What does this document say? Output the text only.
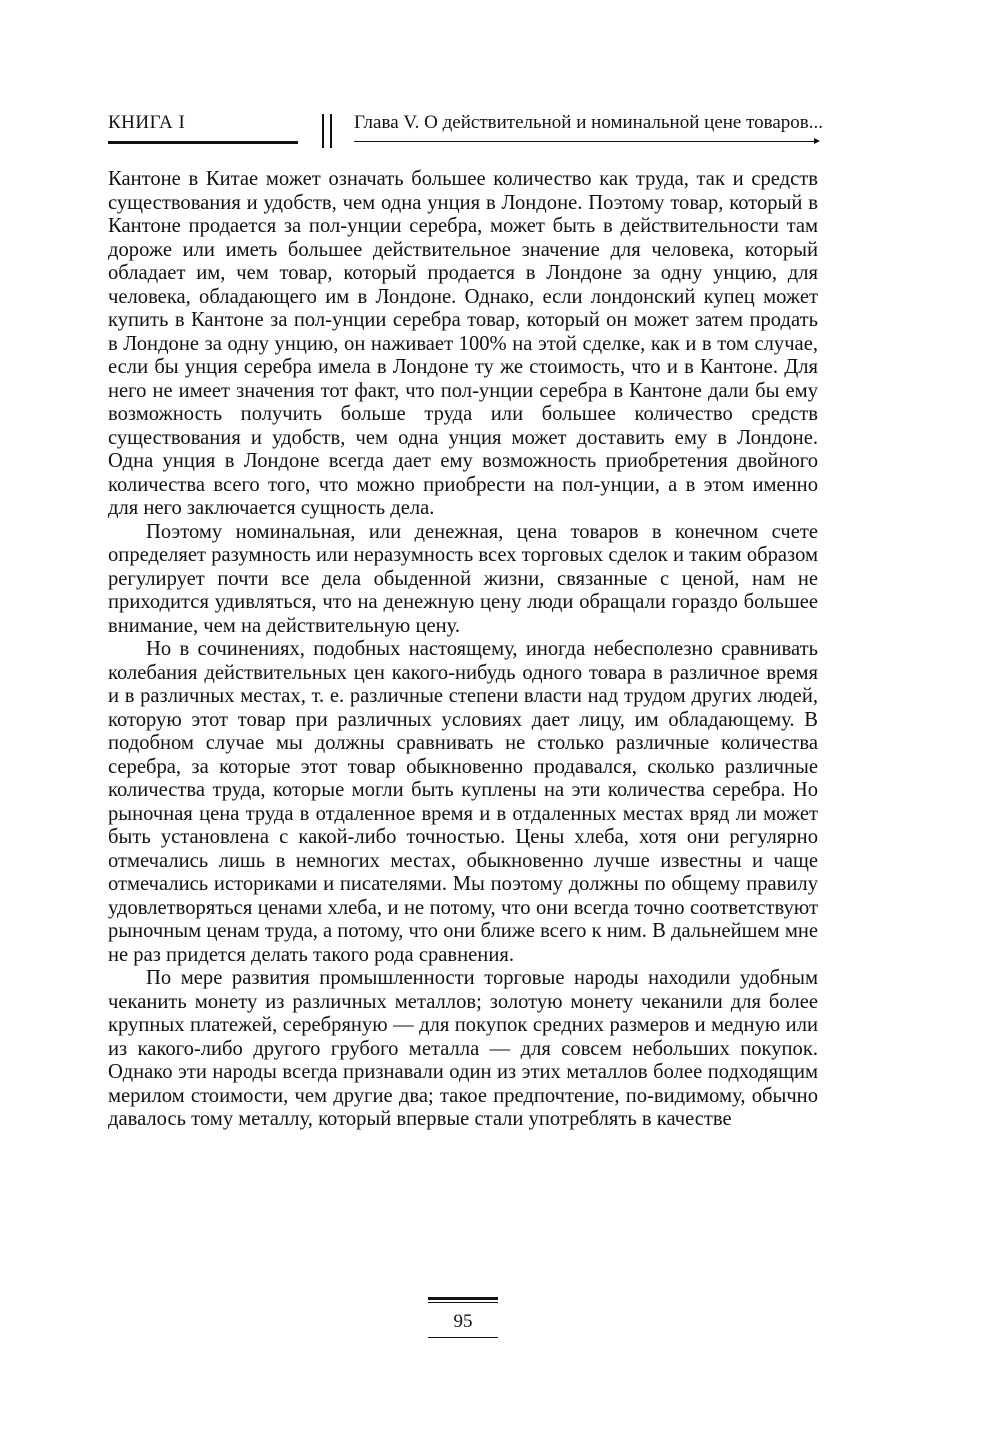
КНИГА I	Глава V. О действительной и номинальной цене товаров...

Кантоне в Китае может означать большее количество как труда, так и средств существования и удобств, чем одна унция в Лондоне. Поэтому товар, который в Кантоне продается за пол-унции серебра, может быть в действительности там дороже или иметь большее действительное значение для человека, который обладает им, чем товар, который продается в Лондоне за одну унцию, для человека, обладающего им в Лондоне. Однако, если лондонский купец может купить в Кантоне за пол-унции серебра товар, который он может затем продать в Лондоне за одну унцию, он наживает 100% на этой сделке, как и в том случае, если бы унция серебра имела в Лондоне ту же стоимость, что и в Кантоне. Для него не имеет значения тот факт, что пол-унции серебра в Кантоне дали бы ему возможность получить больше труда или большее количество средств существования и удобств, чем одна унция может доставить ему в Лондоне. Одна унция в Лондоне всегда дает ему возможность приобретения двойного количества всего того, что можно приобрести на пол-унции, а в этом именно для него заключается сущность дела.

Поэтому номинальная, или денежная, цена товаров в конечном счете определяет разумность или неразумность всех торговых сделок и таким образом регулирует почти все дела обыденной жизни, связанные с ценой, нам не приходится удивляться, что на денежную цену люди обращали гораздо большее внимание, чем на действительную цену.

Но в сочинениях, подобных настоящему, иногда небесполезно сравнивать колебания действительных цен какого-нибудь одного товара в различное время и в различных местах, т. е. различные степени власти над трудом других людей, которую этот товар при различных условиях дает лицу, им обладающему. В подобном случае мы должны сравнивать не столько различные количества серебра, за которые этот товар обыкновенно продавался, сколько различные количества труда, которые могли быть куплены на эти количества серебра. Но рыночная цена труда в отдаленное время и в отдаленных местах вряд ли может быть установлена с какой-либо точностью. Цены хлеба, хотя они регулярно отмечались лишь в немногих местах, обыкновенно лучше известны и чаще отмечались историками и писателями. Мы поэтому должны по общему правилу удовлетворяться ценами хлеба, и не потому, что они всегда точно соответствуют рыночным ценам труда, а потому, что они ближе всего к ним. В дальнейшем мне не раз придется делать такого рода сравнения.

По мере развития промышленности торговые народы находили удобным чеканить монету из различных металлов; золотую монету чеканили для более крупных платежей, серебряную — для покупок средних размеров и медную или из какого-либо другого грубого металла — для совсем небольших покупок. Однако эти народы всегда признавали один из этих металлов более подходящим мерилом стоимости, чем другие два; такое предпочтение, по-видимому, обычно давалось тому металлу, который впервые стали употреблять в качестве

95
